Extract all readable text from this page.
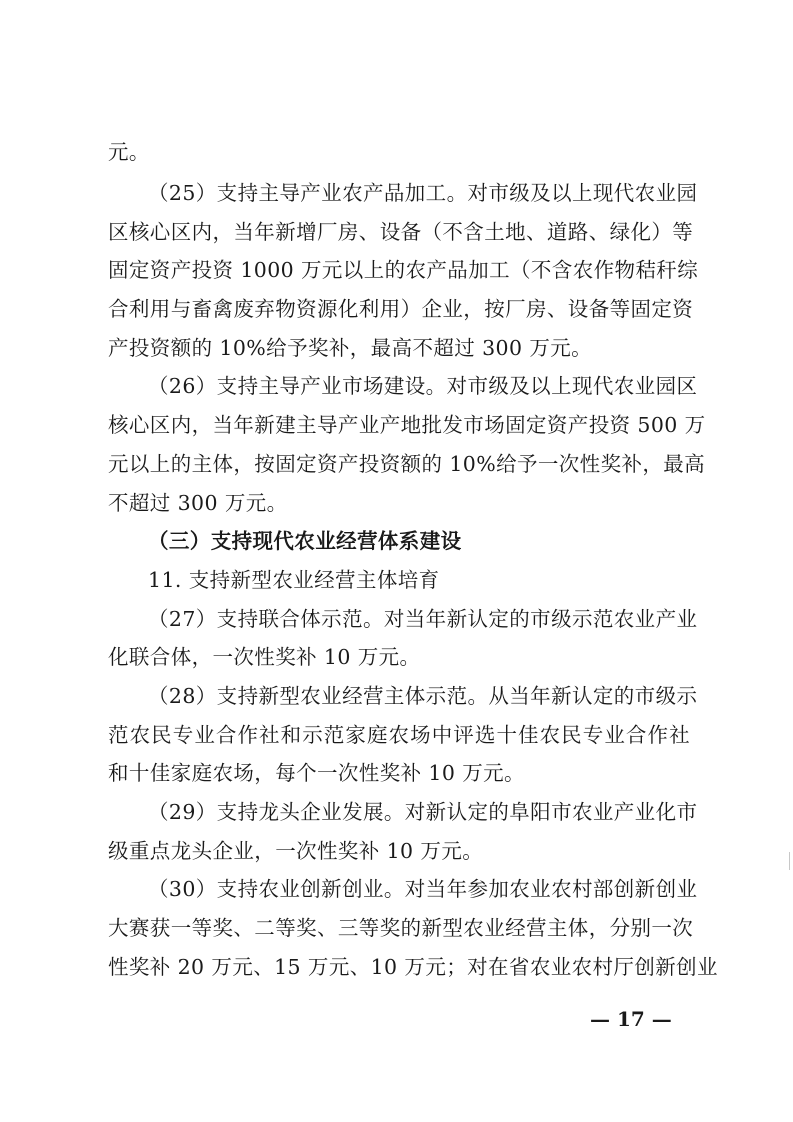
元。
（25）支持主导产业农产品加工。对市级及以上现代农业园
区核心区内，当年新增厂房、设备（不含土地、道路、绿化）等
固定资产投资 1000 万元以上的农产品加工（不含农作物秸秆综
合利用与畜禽废弃物资源化利用）企业，按厂房、设备等固定资
产投资额的 10%给予奖补，最高不超过 300 万元。
（26）支持主导产业市场建设。对市级及以上现代农业园区
核心区内，当年新建主导产业产地批发市场固定资产投资 500 万
元以上的主体，按固定资产投资额的 10%给予一次性奖补，最高
不超过 300 万元。
（三）支持现代农业经营体系建设
11. 支持新型农业经营主体培育
（27）支持联合体示范。对当年新认定的市级示范农业产业
化联合体，一次性奖补 10 万元。
（28）支持新型农业经营主体示范。从当年新认定的市级示
范农民专业合作社和示范家庭农场中评选十佳农民专业合作社
和十佳家庭农场，每个一次性奖补 10 万元。
（29）支持龙头企业发展。对新认定的阜阳市农业产业化市
级重点龙头企业，一次性奖补 10 万元。
（30）支持农业创新创业。对当年参加农业农村部创新创业
大赛获一等奖、二等奖、三等奖的新型农业经营主体，分别一次
性奖补 20 万元、15 万元、10 万元；对在省农业农村厅创新创业
— 17 —
